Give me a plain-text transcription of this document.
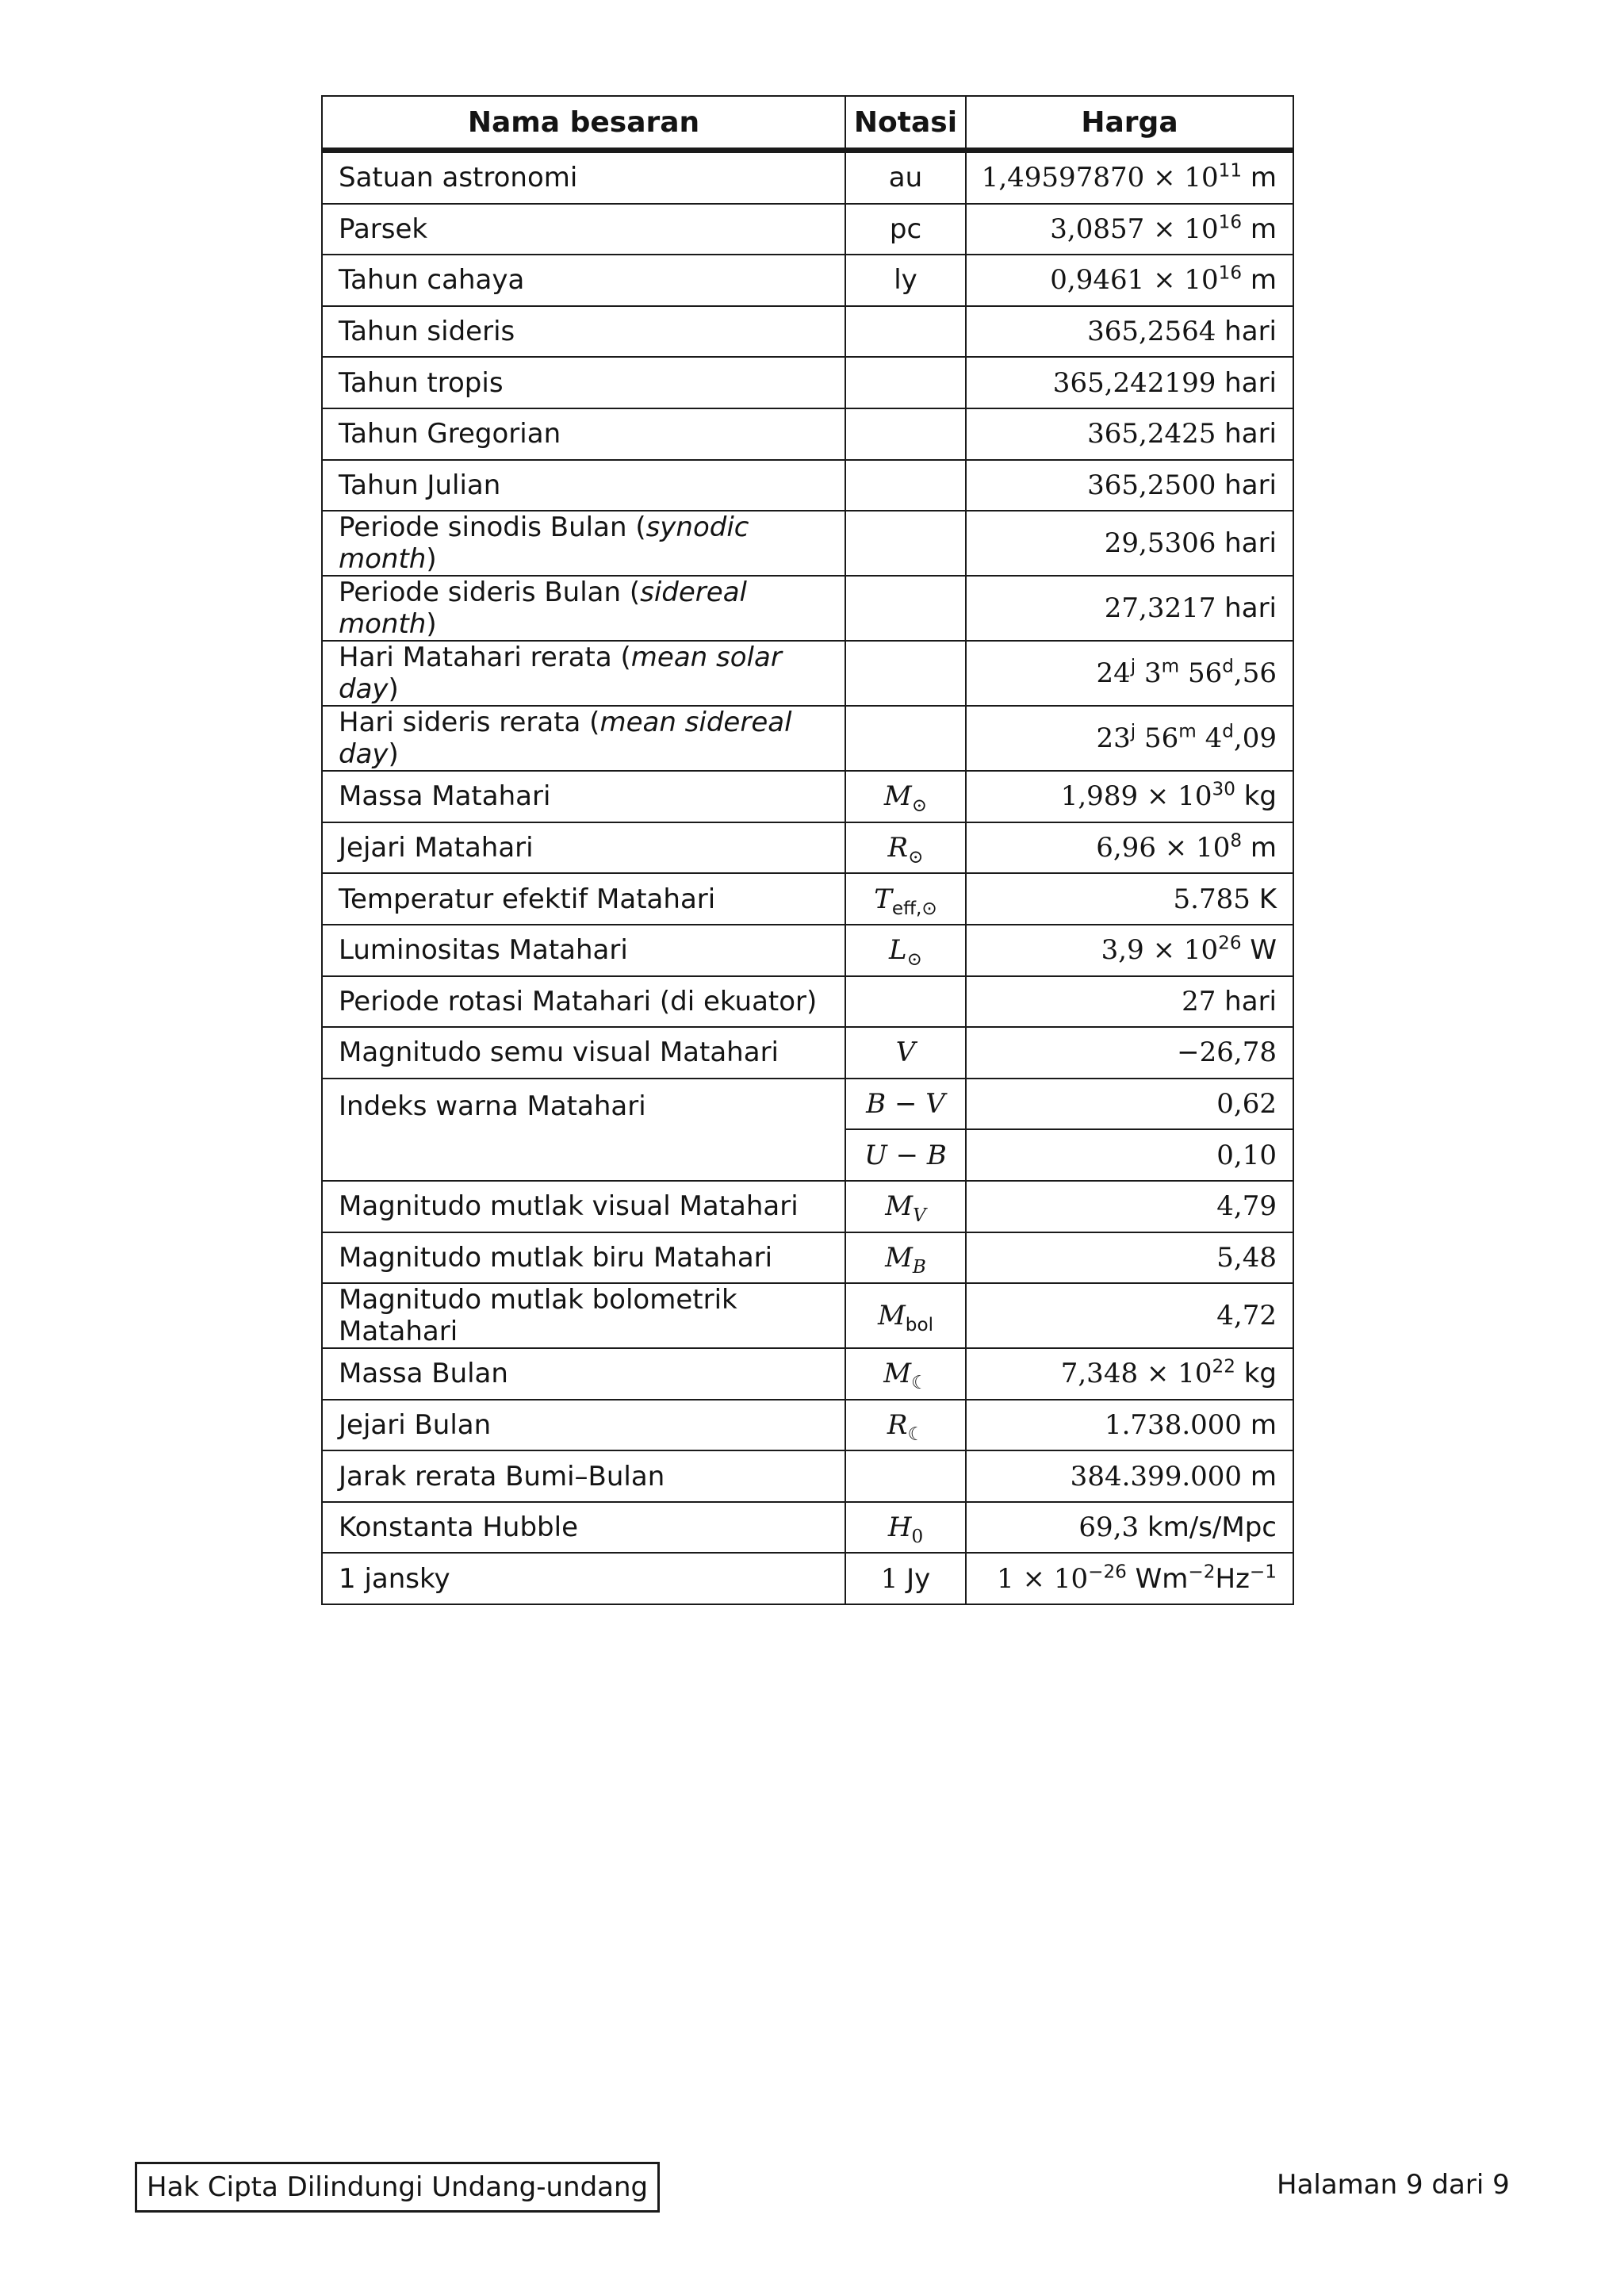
Nama besaran	Notasi	Harga
Satuan astronomi	au	$1,49597870 \times 10^{11}$ m
Parsek	pc	$3,0857 \times 10^{16}$ m
Tahun cahaya	ly	$0,9461 \times 10^{16}$ m
Tahun sideris		365,2564 hari
Tahun tropis		365,242199 hari
Tahun Gregorian		365,2425 hari
Tahun Julian		365,2500 hari
Periode sinodis Bulan (synodic month)		29,5306 hari
Periode sideris Bulan (sidereal month)		27,3217 hari
Hari Matahari rerata (mean solar day)		24$^j$ 3$^m$ 56$^d$,56
Hari sideris rerata (mean sidereal day)		23$^j$ 56$^m$ 4$^d$,09
Massa Matahari	$M_⊙$	$1,989 \times 10^{30}$ kg
Jejari Matahari	$R_⊙$	$6,96 \times 10^8$ m
Temperatur efektif Matahari	$T_{eff,⊙}$	5.785 K
Luminositas Matahari	$L_⊙$	$3,9 \times 10^{26}$ W
Periode rotasi Matahari (di ekuator)		27 hari
Magnitudo semu visual Matahari	V	−26,78
Indeks warna Matahari	B − V	0,62
	U − B	0,10
Magnitudo mutlak visual Matahari	$M_V$	4,79
Magnitudo mutlak biru Matahari	$M_B$	5,48
Magnitudo mutlak bolometrik Matahari	$M_{bol}$	4,72
Massa Bulan	$M_☾$	$7,348 \times 10^{22}$ kg
Jejari Bulan	$R_☾$	1.738.000 m
Jarak rerata Bumi–Bulan		384.399.000 m
Konstanta Hubble	$H_0$	69,3 km/s/Mpc
1 jansky	1 Jy	$1 \times 10^{-26}$ $Wm^{-2}Hz^{-1}$
Hak Cipta Dilindungi Undang-undang	Halaman 9 dari 9
